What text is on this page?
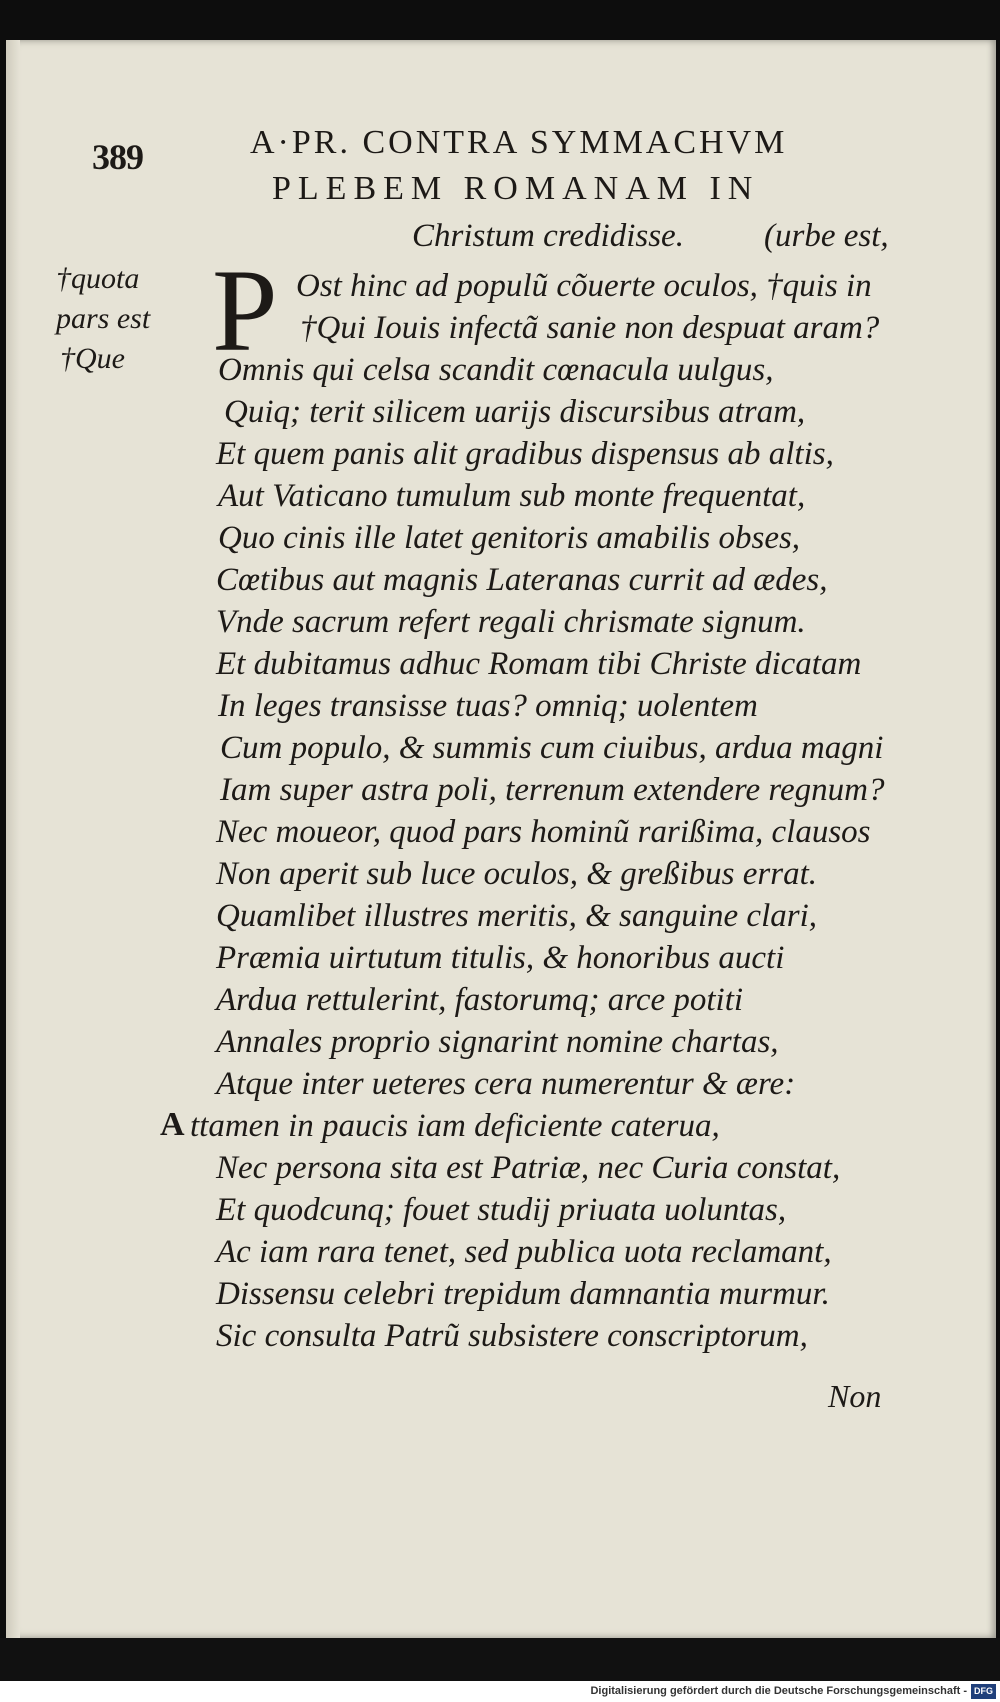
389	A·PR. CONTRA SYMMACHVM
PLEBEM ROMANAM IN
Christum credidisse. (urbe est,
†quota
pars est
†Que P Ost hinc ad populũ cõuerte oculos, †quis in
†Qui Iouis infectã sanie non despuat aram?
Omnis qui celsa scandit cœnacula uulgus,
Quiq; terit silicem uarijs discursibus atram,
Et quem panis alit gradibus dispensus ab altis,
Aut Vaticano tumulum sub monte frequentat,
Quo cinis ille latet genitoris amabilis obses,
Cœtibus aut magnis Lateranas currit ad ædes,
Vnde sacrum refert regali chrismate signum.
Et dubitamus adhuc Romam tibi Christe dicatam
In leges transisse tuas? omniq; uolentem
Cum populo, & summis cum ciuibus, ardua magni
Iam super astra poli, terrenum extendere regnum?
Nec moueor, quod pars hominũ rarißima, clausos
Non aperit sub luce oculos, & greßibus errat.
Quamlibet illustres meritis, & sanguine clari,
Præmia uirtutum titulis, & honoribus aucti
Ardua rettulerint, fastorumq; arce potiti
Annales proprio signarint nomine chartas,
Atque inter ueteres cera numerentur & ære:
A ttamen in paucis iam deficiente caterua,
Nec persona sita est Patriæ, nec Curia constat,
Et quodcunq; fouet studij priuata uoluntas,
Ac iam rara tenet, sed publica uota reclamant,
Dissensu celebri trepidum damnantia murmur.
Sic consulta Patrũ subsistere conscriptorum,
Non
Digitalisierung gefördert durch die Deutsche Forschungsgemeinschaft - DFG
